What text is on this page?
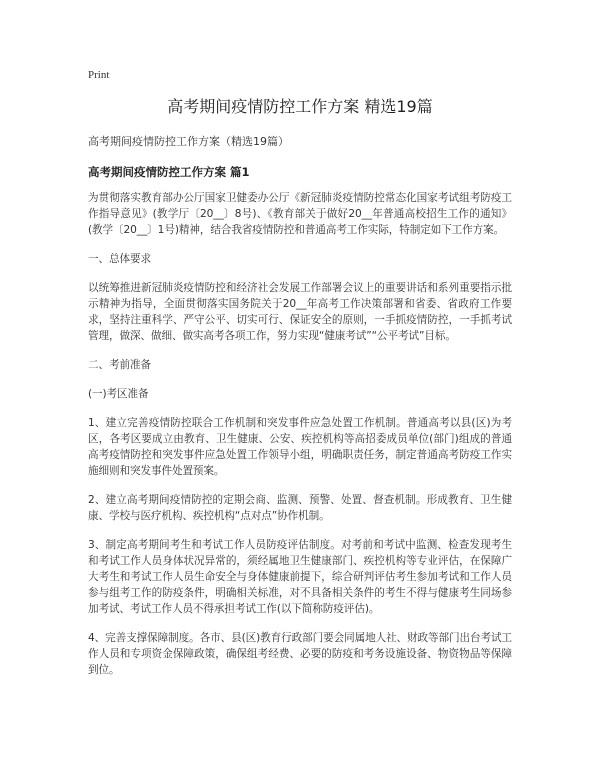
Print
高考期间疫情防控工作方案 精选19篇
高考期间疫情防控工作方案（精选19篇）
高考期间疫情防控工作方案 篇1

为贯彻落实教育部办公厅国家卫健委办公厅《新冠肺炎疫情防控常态化国家考试组考防疫工作指导意见》(教学厅〔20__〕8号)、《教育部关于做好20__年普通高校招生工作的通知》(教学〔20__〕1号)精神，结合我省疫情防控和普通高考工作实际，特制定如下工作方案。

一、总体要求

以统筹推进新冠肺炎疫情防控和经济社会发展工作部署会议上的重要讲话和系列重要指示批示精神为指导，全面贯彻落实国务院关于20__年高考工作决策部署和省委、省政府工作要求，坚持注重科学、严守公平、切实可行、保证安全的原则，一手抓疫情防控，一手抓考试管理，做深、做细、做实高考各项工作，努力实现“健康考试”“公平考试”目标。

二、考前准备

(一)考区准备

1、建立完善疫情防控联合工作机制和突发事件应急处置工作机制。普通高考以县(区)为考区，各考区要成立由教育、卫生健康、公安、疾控机构等高招委成员单位(部门)组成的普通高考疫情防控和突发事件应急处置工作领导小组，明确职责任务，制定普通高考防疫工作实施细则和突发事件处置预案。

2、建立高考期间疫情防控的定期会商、监测、预警、处置、督查机制。形成教育、卫生健康、学校与医疗机构、疾控机构“点对点”协作机制。

3、制定高考期间考生和考试工作人员防疫评估制度。对考前和考试中监测、检查发现考生和考试工作人员身体状况异常的，须经属地卫生健康部门、疾控机构等专业评估，在保障广大考生和考试工作人员生命安全与身体健康前提下，综合研判评估考生参加考试和工作人员参与组考工作的防疫条件，明确相关标准，对不具备相关条件的考生不得与健康考生同场参加考试、考试工作人员不得承担考试工作(以下简称防疫评估)。

4、完善支撑保障制度。各市、县(区)教育行政部门要会同属地人社、财政等部门出台考试工作人员和专项资金保障政策，确保组考经费、必要的防疫和考务设施设备、物资物品等保障到位。
